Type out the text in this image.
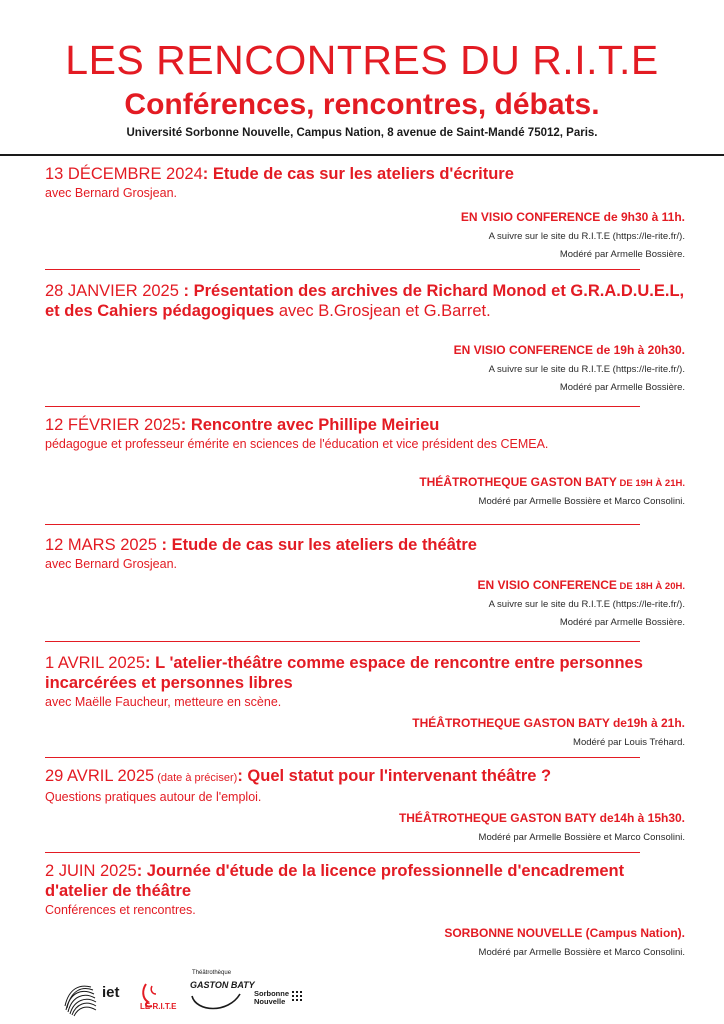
LES RENCONTRES DU R.I.T.E
Conférences, rencontres, débats.
Université Sorbonne Nouvelle, Campus Nation, 8 avenue de Saint-Mandé 75012, Paris.
13 DÉCEMBRE 2024: Etude de cas sur les ateliers d'écriture
avec Bernard Grosjean.
EN VISIO CONFERENCE de 9h30 à 11h.
A suivre sur le site du R.I.T.E (https://le-rite.fr/).
Modéré par Armelle Bossière.
28 JANVIER 2025 : Présentation des archives de Richard Monod et G.R.A.D.U.E.L, et des Cahiers pédagogiques avec B.Grosjean et G.Barret.
EN VISIO CONFERENCE de 19h à 20h30.
A suivre sur le site du R.I.T.E (https://le-rite.fr/).
Modéré par Armelle Bossière.
12 FÉVRIER 2025: Rencontre avec Phillipe Meirieu
pédagogue et professeur émérite en sciences de l'éducation et vice président des CEMEA.
THÉÂTROTHEQUE GASTON BATY DE 19H À 21H.
Modéré par Armelle Bossière et Marco Consolini.
12 MARS 2025 : Etude de cas sur les ateliers de théâtre
avec Bernard Grosjean.
EN VISIO CONFERENCE DE 18H À 20H.
A suivre sur le site du R.I.T.E (https://le-rite.fr/).
Modéré par Armelle Bossière.
1 AVRIL 2025: L 'atelier-théâtre comme espace de rencontre entre personnes incarcérées et personnes libres
avec Maëlle Faucheur, metteure en scène.
THÉÂTROTHEQUE GASTON BATY de19h à 21h.
Modéré par Louis Tréhard.
29 AVRIL 2025 (date à préciser): Quel statut pour l'intervenant théâtre ?
Questions pratiques autour de l'emploi.
THÉÂTROTHEQUE GASTON BATY de14h à 15h30.
Modéré par Armelle Bossière et Marco Consolini.
2 JUIN 2025: Journée d'étude de la licence professionnelle d'encadrement d'atelier de théâtre
Conférences et rencontres.
SORBONNE NOUVELLE (Campus Nation).
Modéré par Armelle Bossière et Marco Consolini.
iet
LE R.I.T.E
Théâtrothèque
GASTON BATY
Sorbonne Nouvelle
